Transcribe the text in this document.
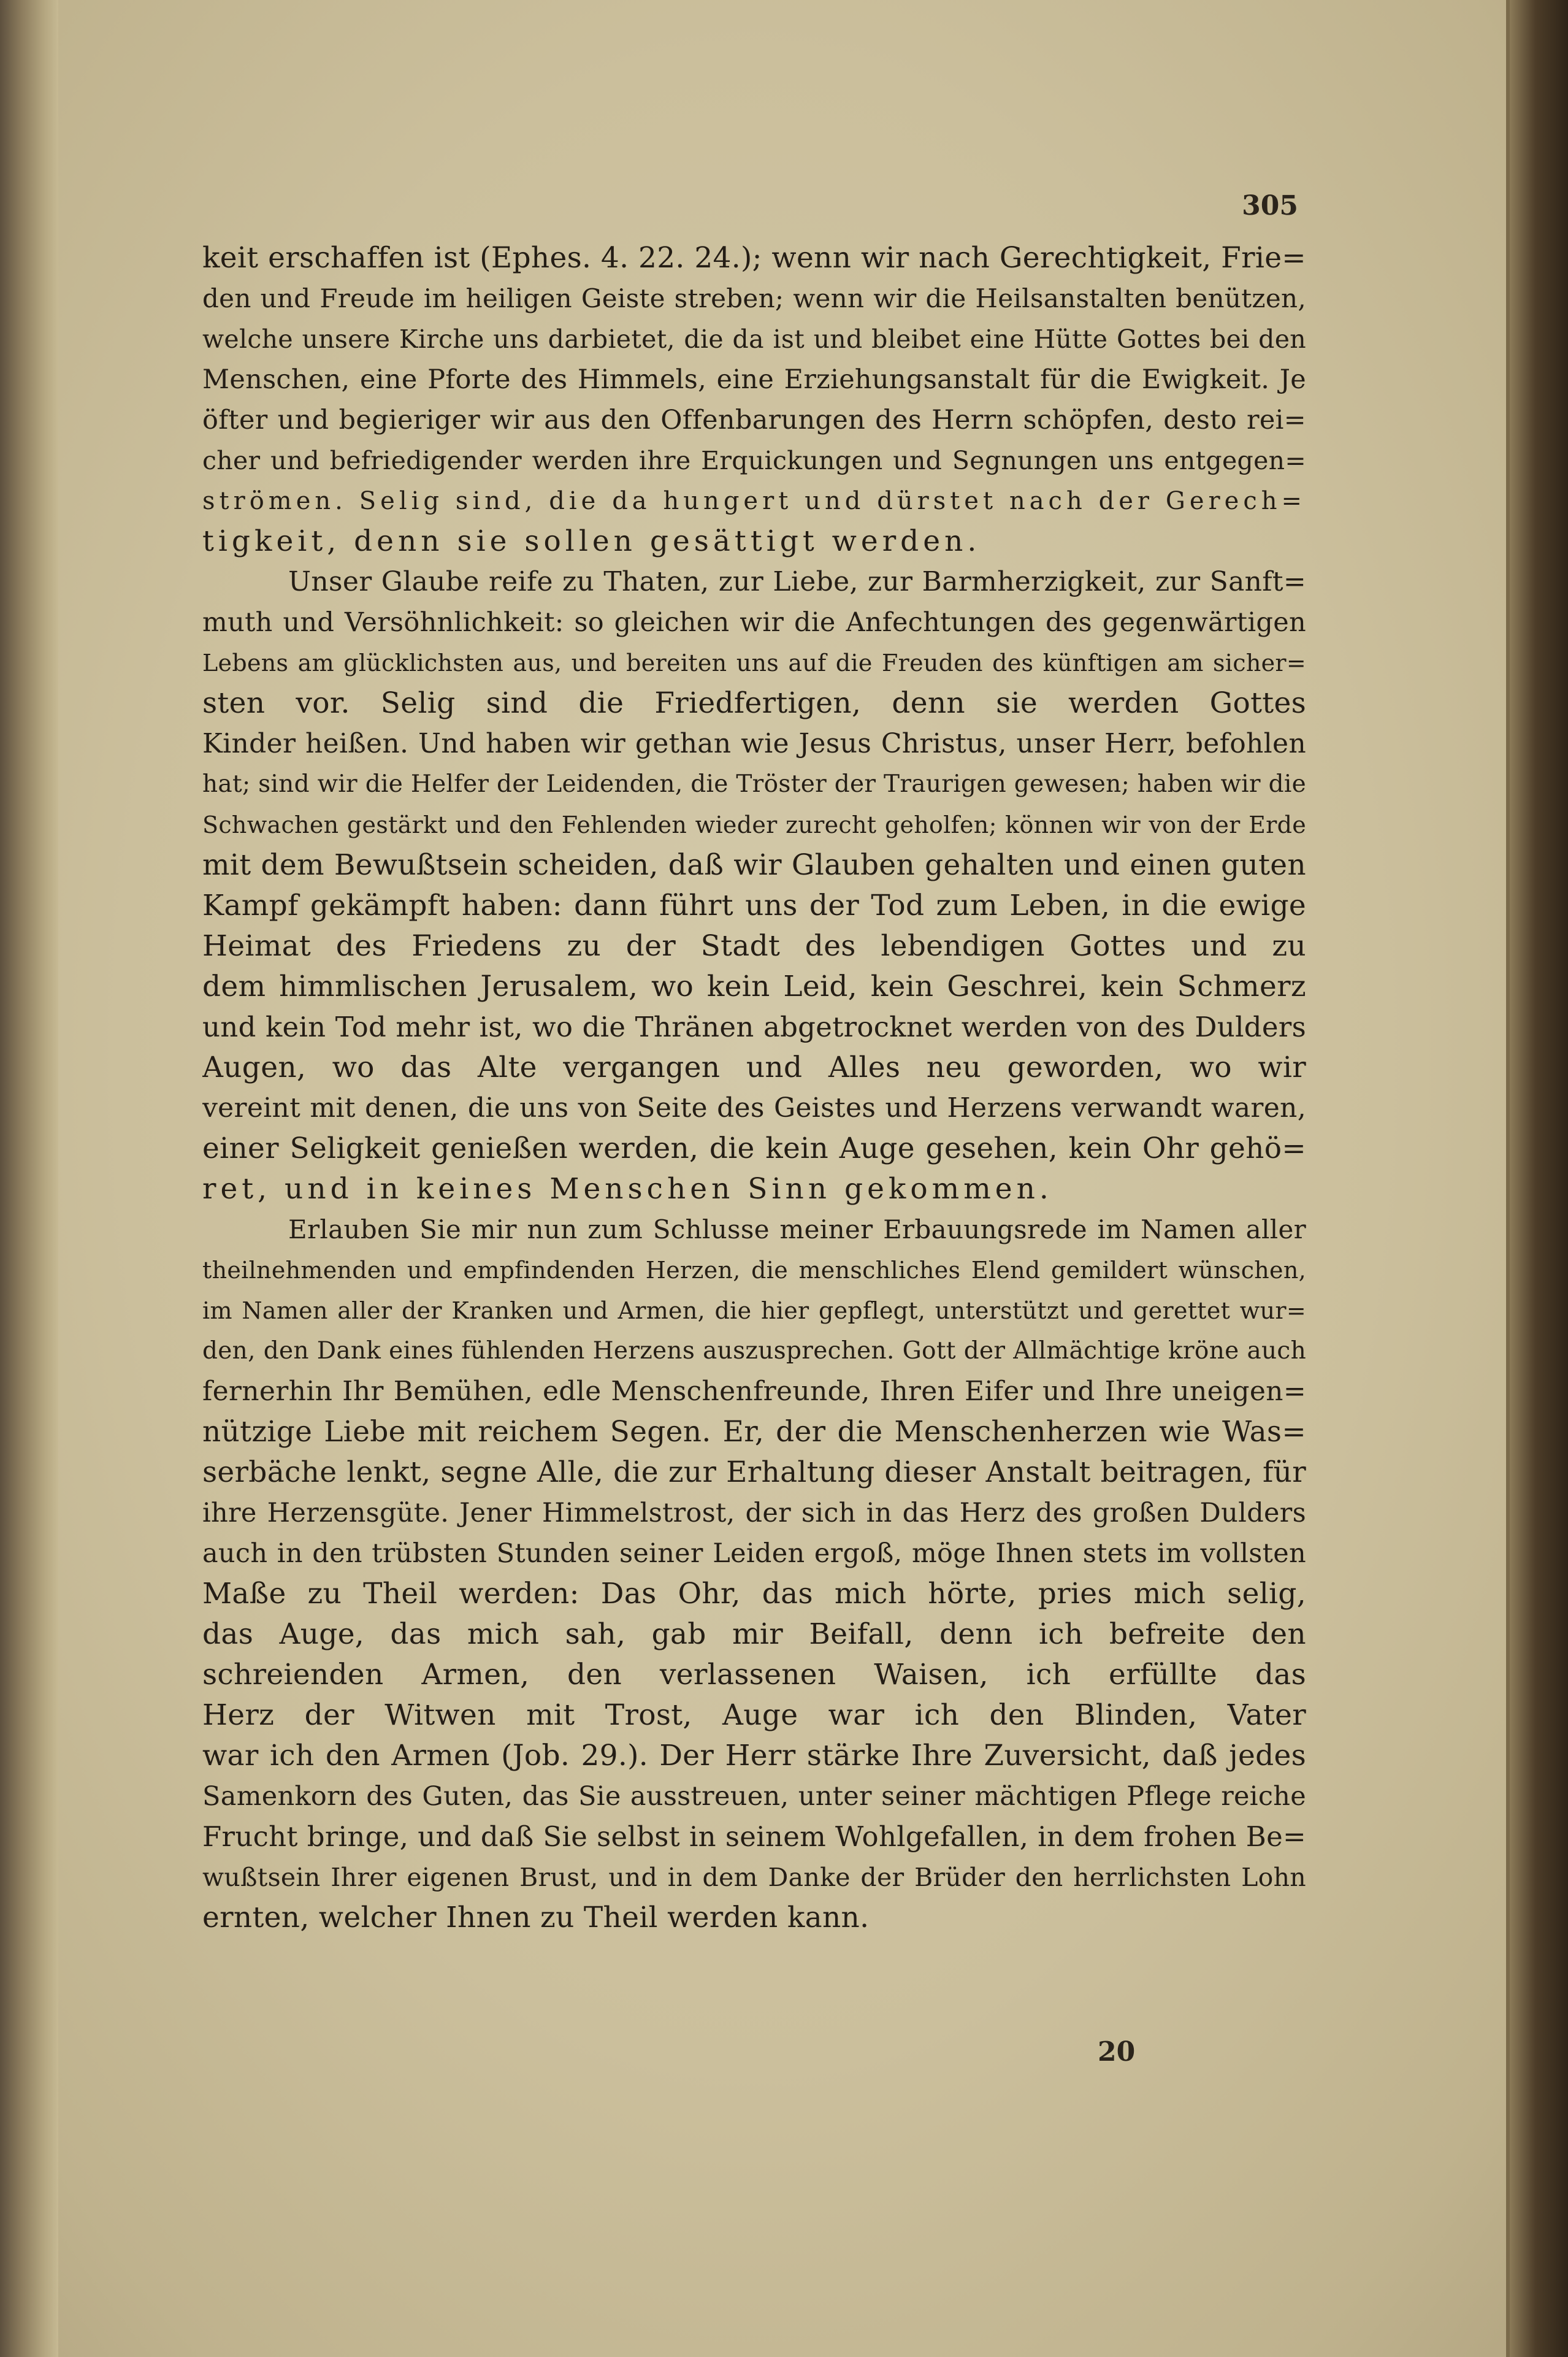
305
keit erschaffen ist (Ephes. 4. 22. 24.); wenn wir nach Gerechtigkeit, Frie=
den und Freude im heiligen Geiste streben; wenn wir die Heilsanstalten benützen,
welche unsere Kirche uns darbietet, die da ist und bleibet eine Hütte Gottes bei den
Menschen, eine Pforte des Himmels, eine Erziehungsanstalt für die Ewigkeit. Je
öfter und begieriger wir aus den Offenbarungen des Herrn schöpfen, desto rei=
cher und befriedigender werden ihre Erquickungen und Segnungen uns entgegen=
strömen. Selig sind, die da hungert und dürstet nach der Gerech=
tigkeit, denn sie sollen gesättigt werden.
Unser Glaube reife zu Thaten, zur Liebe, zur Barmherzigkeit, zur Sanft=
muth und Versöhnlichkeit: so gleichen wir die Anfechtungen des gegenwärtigen
Lebens am glücklichsten aus, und bereiten uns auf die Freuden des künftigen am sicher=
sten vor. Selig sind die Friedfertigen, denn sie werden Gottes
Kinder heißen. Und haben wir gethan wie Jesus Christus, unser Herr, befohlen
hat; sind wir die Helfer der Leidenden, die Tröster der Traurigen gewesen; haben wir die
Schwachen gestärkt und den Fehlenden wieder zurecht geholfen; können wir von der Erde
mit dem Bewußtsein scheiden, daß wir Glauben gehalten und einen guten
Kampf gekämpft haben: dann führt uns der Tod zum Leben, in die ewige
Heimat des Friedens zu der Stadt des lebendigen Gottes und zu
dem himmlischen Jerusalem, wo kein Leid, kein Geschrei, kein Schmerz
und kein Tod mehr ist, wo die Thränen abgetrocknet werden von des Dulders
Augen, wo das Alte vergangen und Alles neu geworden, wo wir
vereint mit denen, die uns von Seite des Geistes und Herzens verwandt waren,
einer Seligkeit genießen werden, die kein Auge gesehen, kein Ohr gehö=
ret, und in keines Menschen Sinn gekommen.
Erlauben Sie mir nun zum Schlusse meiner Erbauungsrede im Namen aller
theilnehmenden und empfindenden Herzen, die menschliches Elend gemildert wünschen,
im Namen aller der Kranken und Armen, die hier gepflegt, unterstützt und gerettet wur=
den, den Dank eines fühlenden Herzens auszusprechen. Gott der Allmächtige kröne auch
fernerhin Ihr Bemühen, edle Menschenfreunde, Ihren Eifer und Ihre uneigen=
nützige Liebe mit reichem Segen. Er, der die Menschenherzen wie Was=
serbäche lenkt, segne Alle, die zur Erhaltung dieser Anstalt beitragen, für
ihre Herzensgüte. Jener Himmelstrost, der sich in das Herz des großen Dulders
auch in den trübsten Stunden seiner Leiden ergoß, möge Ihnen stets im vollsten
Maße zu Theil werden: Das Ohr, das mich hörte, pries mich selig,
das Auge, das mich sah, gab mir Beifall, denn ich befreite den
schreienden Armen, den verlassenen Waisen, ich erfüllte das
Herz der Witwen mit Trost, Auge war ich den Blinden, Vater
war ich den Armen (Job. 29.). Der Herr stärke Ihre Zuversicht, daß jedes
Samenkorn des Guten, das Sie ausstreuen, unter seiner mächtigen Pflege reiche
Frucht bringe, und daß Sie selbst in seinem Wohlgefallen, in dem frohen Be=
wußtsein Ihrer eigenen Brust, und in dem Danke der Brüder den herrlichsten Lohn
ernten, welcher Ihnen zu Theil werden kann.
20
